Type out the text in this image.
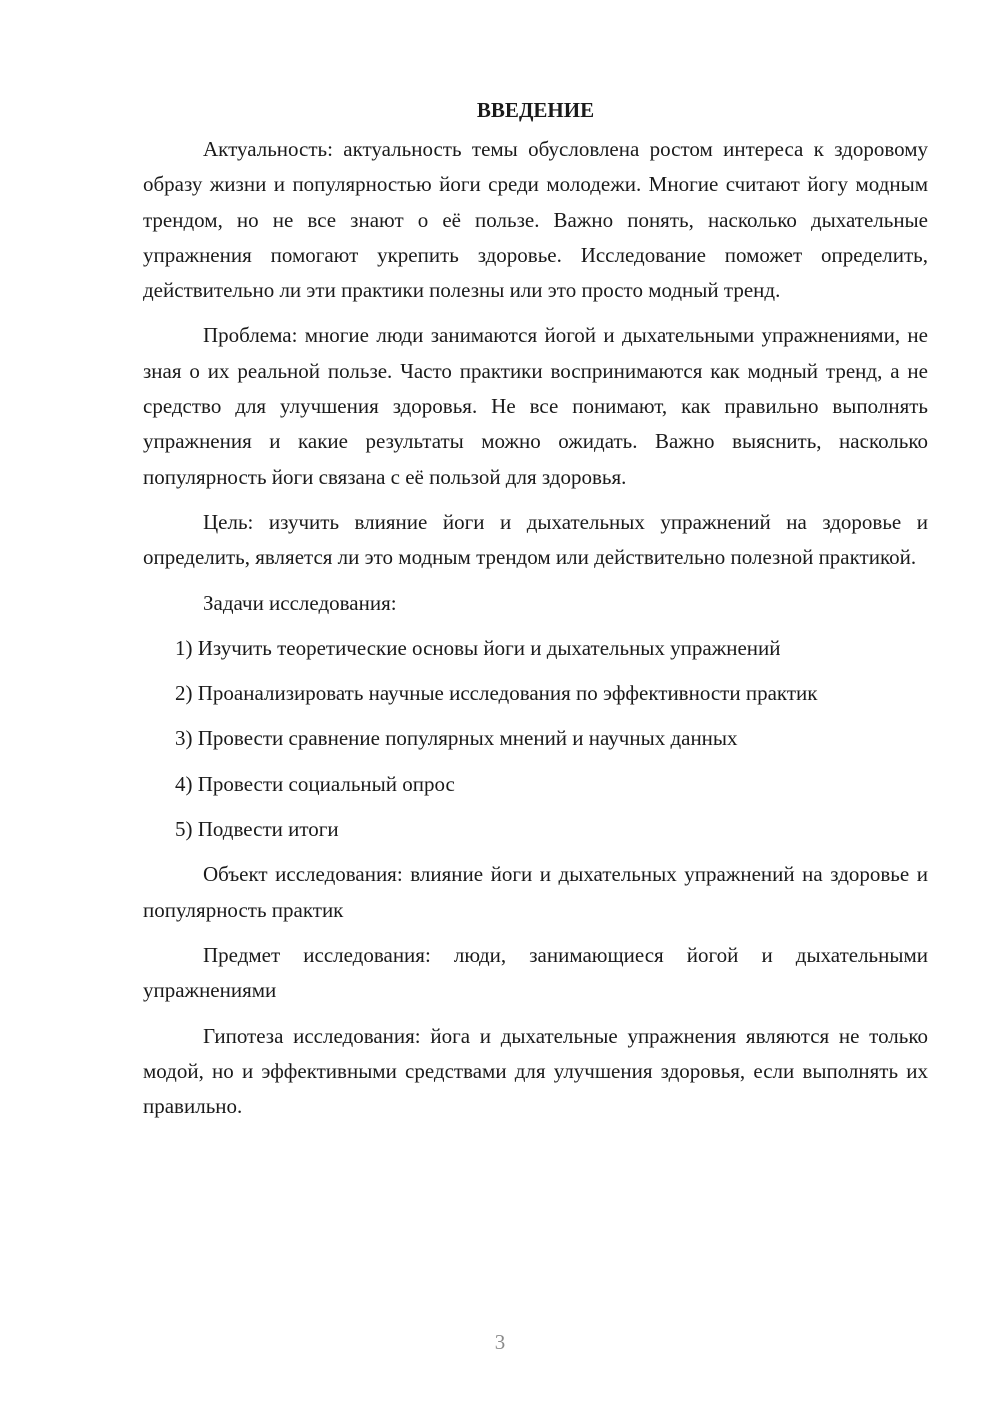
ВВЕДЕНИЕ

Актуальность: актуальность темы обусловлена ростом интереса к здоровому образу жизни и популярностью йоги среди молодежи. Многие считают йогу модным трендом, но не все знают о её пользе. Важно понять, насколько дыхательные упражнения помогают укрепить здоровье. Исследование поможет определить, действительно ли эти практики полезны или это просто модный тренд.

Проблема: многие люди занимаются йогой и дыхательными упражнениями, не зная о их реальной пользе. Часто практики воспринимаются как модный тренд, а не средство для улучшения здоровья. Не все понимают, как правильно выполнять упражнения и какие результаты можно ожидать. Важно выяснить, насколько популярность йоги связана с её пользой для здоровья.

Цель: изучить влияние йоги и дыхательных упражнений на здоровье и определить, является ли это модным трендом или действительно полезной практикой.

Задачи исследования:

1) Изучить теоретические основы йоги и дыхательных упражнений

2) Проанализировать научные исследования по эффективности практик

3) Провести сравнение популярных мнений и научных данных

4) Провести социальный опрос

5) Подвести итоги

Объект исследования: влияние йоги и дыхательных упражнений на здоровье и популярность практик

Предмет исследования: люди, занимающиеся йогой и дыхательными упражнениями

Гипотеза исследования: йога и дыхательные упражнения являются не только модой, но и эффективными средствами для улучшения здоровья, если выполнять их правильно.

3
